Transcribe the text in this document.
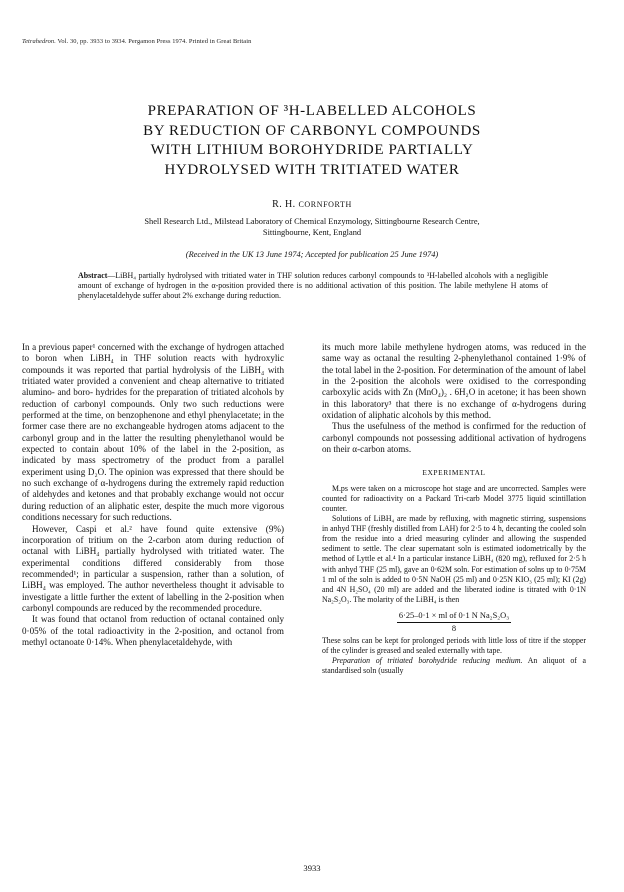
Tetrahedron. Vol. 30, pp. 3933 to 3934. Pergamon Press 1974. Printed in Great Britain
PREPARATION OF ³H-LABELLED ALCOHOLS
BY REDUCTION OF CARBONYL COMPOUNDS
WITH LITHIUM BOROHYDRIDE PARTIALLY
HYDROLYSED WITH TRITIATED WATER
R. H. CORNFORTH
Shell Research Ltd., Milstead Laboratory of Chemical Enzymology, Sittingbourne Research Centre,
Sittingbourne, Kent, England
(Received in the UK 13 June 1974; Accepted for publication 25 June 1974)
Abstract—LiBH₄ partially hydrolysed with tritiated water in THF solution reduces carbonyl compounds to ³H-labelled alcohols with a negligible amount of exchange of hydrogen in the α-position provided there is no additional activation of this position. The labile methylene H atoms of phenylacetaldehyde suffer about 2% exchange during reduction.

In a previous paper¹ concerned with the exchange of hydrogen attached to boron when LiBH₄ in THF solution reacts with hydroxylic compounds it was reported that partial hydrolysis of the LiBH₄ with tritiated water provided a convenient and cheap alternative to tritiated alumino- and boro- hydrides for the preparation of tritiated alcohols by reduction of carbonyl compounds. Only two such reductions were performed at the time, on benzophenone and ethyl phenylacetate; in the former case there are no exchangeable hydrogen atoms adjacent to the carbonyl group and in the latter the resulting phenylethanol would be expected to contain about 10% of the label in the 2-position, as indicated by mass spectrometry of the product from a parallel experiment using D₂O. The opinion was expressed that there should be no such exchange of α-hydrogens during the extremely rapid reduction of aldehydes and ketones and that probably exchange would not occur during reduction of an aliphatic ester, despite the much more vigorous conditions necessary for such reductions.

However, Caspi et al.² have found quite extensive (9%) incorporation of tritium on the 2-carbon atom during reduction of octanal with LiBH₄ partially hydrolysed with tritiated water. The experimental conditions differed considerably from those recommended¹; in particular a suspension, rather than a solution, of LiBH₄ was employed. The author nevertheless thought it advisable to investigate a little further the extent of labelling in the 2-position when carbonyl compounds are reduced by the recommended procedure.

It was found that octanol from reduction of octanal contained only 0·05% of the total radioactivity in the 2-position, and octanol from methyl octanoate 0·14%. When phenylacetaldehyde, with

its much more labile methylene hydrogen atoms, was reduced in the same way as octanal the resulting 2-phenylethanol contained 1·9% of the total label in the 2-position. For determination of the amount of label in the 2-position the alcohols were oxidised to the corresponding carboxylic acids with Zn (MnO₄)₂ . 6H₂O in acetone; it has been shown in this laboratory³ that there is no exchange of α-hydrogens during oxidation of aliphatic alcohols by this method.

Thus the usefulness of the method is confirmed for the reduction of carbonyl compounds not possessing additional activation of hydrogens on their α-carbon atoms.

EXPERIMENTAL

M.ps were taken on a microscope hot stage and are uncorrected. Samples were counted for radioactivity on a Packard Tri-carb Model 3775 liquid scintillation counter.

Solutions of LiBH₄ are made by refluxing, with magnetic stirring, suspensions in anhyd THF (freshly distilled from LAH) for 2·5 to 4 h, decanting the cooled soln from the residue into a dried measuring cylinder and allowing the suspended sediment to settle. The clear supernatant soln is estimated iodometrically by the method of Lyttle et al.⁴ In a particular instance LiBH₄ (820 mg), refluxed for 2·5 h with anhyd THF (25 ml), gave an 0·62M soln. For estimation of solns up to 0·75M 1 ml of the soln is added to 0·5N NaOH (25 ml) and 0·25N KIO₃ (25 ml); KI (2g) and 4N H₂SO₄ (20 ml) are added and the liberated iodine is titrated with 0·1N Na₂S₂O₃. The molarity of the LiBH₄ is then

6·25–0·1 × ml of 0·1 N Na₂S₂O₃
8

These solns can be kept for prolonged periods with little loss of titre if the stopper of the cylinder is greased and sealed externally with tape.

Preparation of tritiated borohydride reducing medium. An aliquot of a standardised soln (usually

3933
